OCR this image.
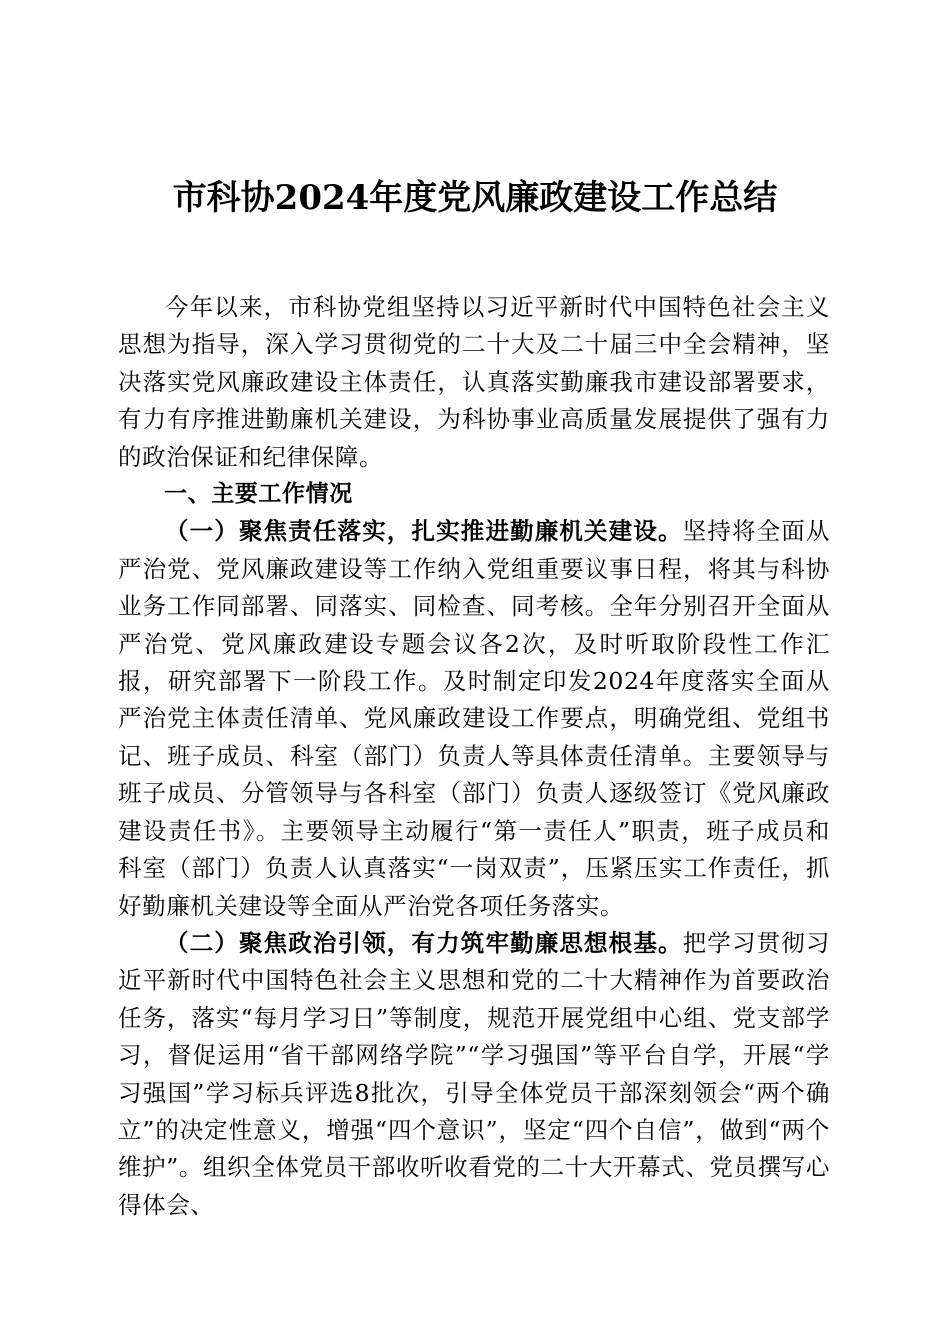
市科协2024年度党风廉政建设工作总结

今年以来，市科协党组坚持以习近平新时代中国特色社会主义思想为指导，深入学习贯彻党的二十大及二十届三中全会精神，坚决落实党风廉政建设主体责任，认真落实勤廉我市建设部署要求，有力有序推进勤廉机关建设，为科协事业高质量发展提供了强有力的政治保证和纪律保障。

一、主要工作情况

（一）聚焦责任落实，扎实推进勤廉机关建设。坚持将全面从严治党、党风廉政建设等工作纳入党组重要议事日程，将其与科协业务工作同部署、同落实、同检查、同考核。全年分别召开全面从严治党、党风廉政建设专题会议各2次，及时听取阶段性工作汇报，研究部署下一阶段工作。及时制定印发2024年度落实全面从严治党主体责任清单、党风廉政建设工作要点，明确党组、党组书记、班子成员、科室（部门）负责人等具体责任清单。主要领导与班子成员、分管领导与各科室（部门）负责人逐级签订《党风廉政建设责任书》。主要领导主动履行“第一责任人”职责，班子成员和科室（部门）负责人认真落实“一岗双责”，压紧压实工作责任，抓好勤廉机关建设等全面从严治党各项任务落实。

（二）聚焦政治引领，有力筑牢勤廉思想根基。把学习贯彻习近平新时代中国特色社会主义思想和党的二十大精神作为首要政治任务，落实“每月学习日”等制度，规范开展党组中心组、党支部学习，督促运用“省干部网络学院”“学习强国”等平台自学，开展“学习强国”学习标兵评选8批次，引导全体党员干部深刻领会“两个确立”的决定性意义，增强“四个意识”，坚定“四个自信”，做到“两个维护”。组织全体党员干部收听收看党的二十大开幕式、党员撰写心得体会、
